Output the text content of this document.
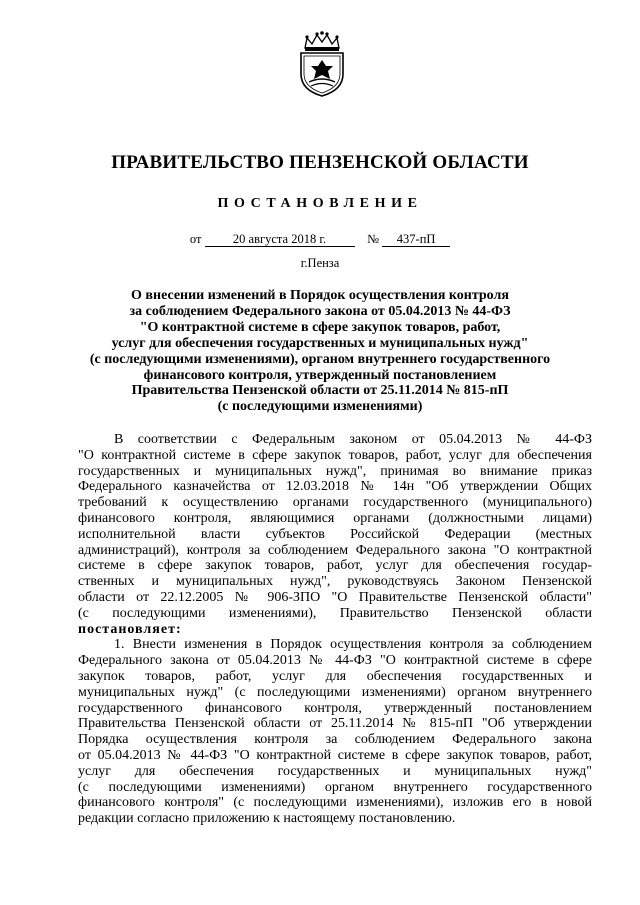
ПРАВИТЕЛЬСТВО ПЕНЗЕНСКОЙ ОБЛАСТИ
ПОСТАНОВЛЕНИЕ
от	20 августа 2018 г.	№ 437-пП
г.Пенза
О внесении изменений в Порядок осуществления контроля
за соблюдением Федерального закона от 05.04.2013 № 44-ФЗ
"О контрактной системе в сфере закупок товаров, работ,
услуг для обеспечения государственных и муниципальных нужд"
(с последующими изменениями), органом внутреннего государственного
финансового контроля, утвержденный постановлением
Правительства Пензенской области от 25.11.2014 № 815-пП
(с последующими изменениями)
В соответствии с Федеральным законом от 05.04.2013 № 44-ФЗ
"О контрактной системе в сфере закупок товаров, работ, услуг для обеспечения
государственных и муниципальных нужд", принимая во внимание приказ
Федерального казначейства от 12.03.2018 № 14н "Об утверждении Общих
требований к осуществлению органами государственного (муниципального)
финансового контроля, являющимися органами (должностными лицами)
исполнительной власти субъектов Российской Федерации (местных
администраций), контроля за соблюдением Федерального закона "О контрактной
системе в сфере закупок товаров, работ, услуг для обеспечения государ-
ственных и муниципальных нужд", руководствуясь Законом Пензенской
области от 22.12.2005 № 906-ЗПО "О Правительстве Пензенской области"
(с последующими изменениями), Правительство Пензенской области
постановляет:
1. Внести изменения в Порядок осуществления контроля за соблюдением
Федерального закона от 05.04.2013 № 44-ФЗ "О контрактной системе в сфере
закупок товаров, работ, услуг для обеспечения государственных и
муниципальных нужд" (с последующими изменениями) органом внутреннего
государственного финансового контроля, утвержденный постановлением
Правительства Пензенской области от 25.11.2014 № 815-пП "Об утверждении
Порядка осуществления контроля за соблюдением Федерального закона
от 05.04.2013 № 44-ФЗ "О контрактной системе в сфере закупок товаров, работ,
услуг для обеспечения государственных и муниципальных нужд"
(с последующими изменениями) органом внутреннего государственного
финансового контроля" (с последующими изменениями), изложив его в новой
редакции согласно приложению к настоящему постановлению.
